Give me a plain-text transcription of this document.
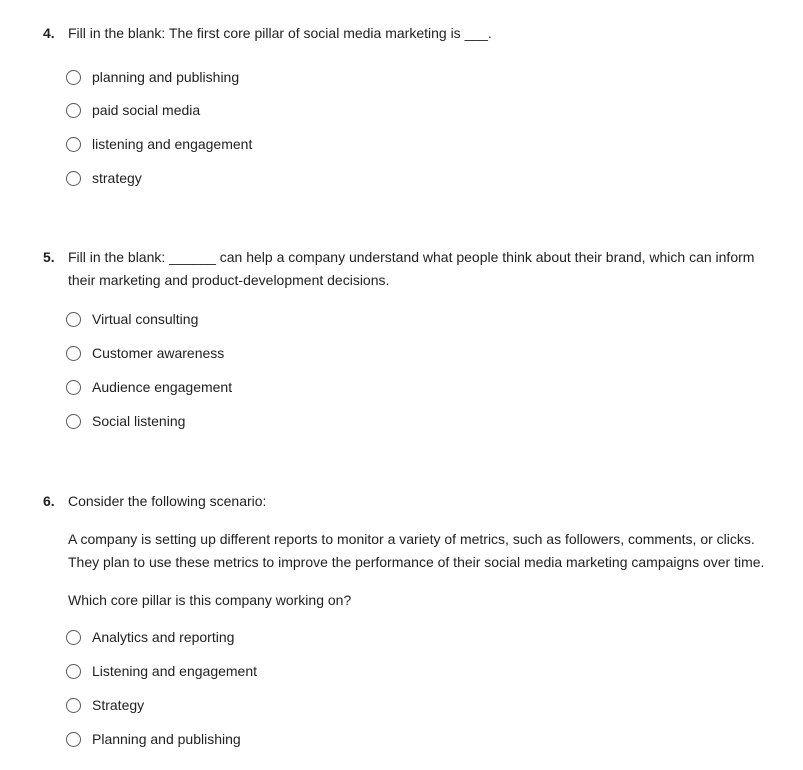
4. Fill in the blank: The first core pillar of social media marketing is ___.
planning and publishing
paid social media
listening and engagement
strategy
5. Fill in the blank: ______ can help a company understand what people think about their brand, which can inform their marketing and product-development decisions.
Virtual consulting
Customer awareness
Audience engagement
Social listening
6. Consider the following scenario:

A company is setting up different reports to monitor a variety of metrics, such as followers, comments, or clicks. They plan to use these metrics to improve the performance of their social media marketing campaigns over time.

Which core pillar is this company working on?

Analytics and reporting
Listening and engagement
Strategy
Planning and publishing
